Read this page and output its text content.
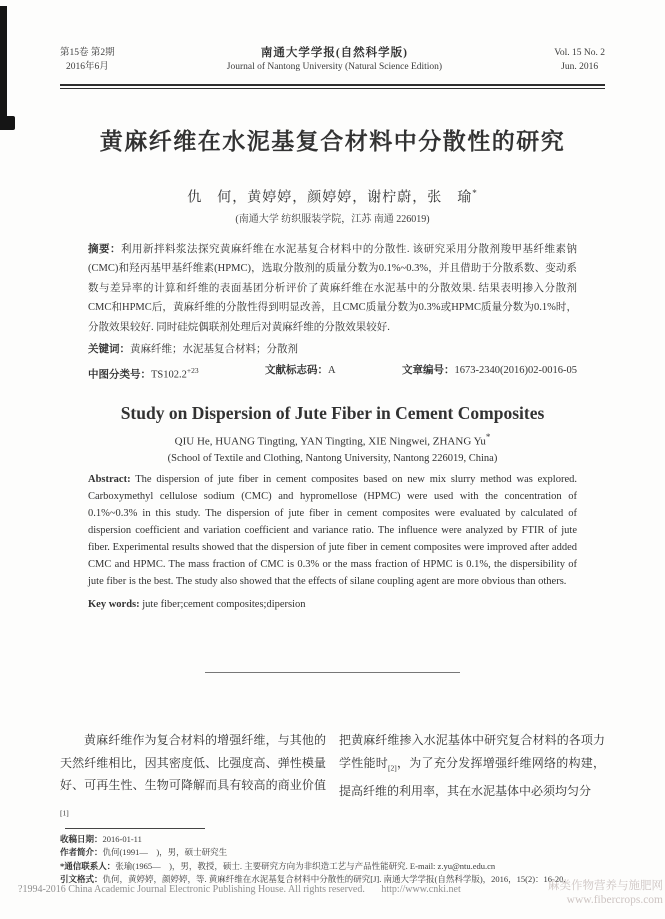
第15卷 第2期
2016年6月
南通大学学报(自然科学版)
Journal of Nantong University (Natural Science Edition)
Vol. 15 No. 2
Jun. 2016
黄麻纤维在水泥基复合材料中分散性的研究
仇　何，黄婷婷，颜婷婷，谢柠蔚，张　瑜*
(南通大学 纺织服装学院，江苏 南通 226019)

摘要：利用新拌料浆法探究黄麻纤维在水泥基复合材料中的分散性. 该研究采用分散剂羧甲基纤维素钠(CMC)和羟丙基甲基纤维素(HPMC)，选取分散剂的质量分数为0.1%~0.3%，并且借助于分散系数、变动系数与差异率的计算和纤维的表面基团分析评价了黄麻纤维在水泥基中的分散效果. 结果表明掺入分散剂CMC和HPMC后，黄麻纤维的分散性得到明显改善，且CMC质量分数为0.3%或HPMC质量分数为0.1%时，分散效果较好. 同时硅烷偶联剂处理后对黄麻纤维的分散效果较好.

关键词：黄麻纤维；水泥基复合材料；分散剂

中图分类号：$TS102.2^{+23}$	文献标志码：A	文章编号：1673-2340(2016)02-0016-05
Study on Dispersion of Jute Fiber in Cement Composites
QIU He, HUANG Tingting, YAN Tingting, XIE Ningwei, ZHANG Yu*
(School of Textile and Clothing, Nantong University, Nantong 226019, China)

Abstract: The dispersion of jute fiber in cement composites based on new mix slurry method was explored. Carboxymethyl cellulose sodium (CMC) and hypromellose (HPMC) were used with the concentration of 0.1%~0.3% in this study. The dispersion of jute fiber in cement composites were evaluated by calculated of dispersion coefficient and variation coefficient and variance ratio. The influence were analyzed by FTIR of jute fiber. Experimental results showed that the dispersion of jute fiber in cement composites were improved after added CMC and HPMC. The mass fraction of CMC is 0.3% or the mass fraction of HPMC is 0.1%, the dispersibility of jute fiber is the best. The study also showed that the effects of silane coupling agent are more obvious than others.

Key words: jute fiber;cement composites;dipersion

黄麻纤维作为复合材料的增强纤维，与其他的天然纤维相比，因其密度低、比强度高、弹性模量好、可再生性、生物可降解而具有较高的商业价值$_{[1]}$

把黄麻纤维掺入水泥基体中研究复合材料的各项力学性能时$_{[2]}$，为了充分发挥增强纤维网络的构建，提高纤维的利用率，其在水泥基体中必须均匀分

收稿日期：2016-01-11
作者简介：仇何(1991—　)，男，硕士研究生
*通信联系人：张瑜(1965—　)，男，教授，硕士. 主要研究方向为非织造工艺与产品性能研究. E-mail: z.yu@ntu.edu.cn
引文格式：仇何，黄婷婷，颜婷婷，等. 黄麻纤维在水泥基复合材料中分散性的研究[J]. 南通大学学报(自然科学版)，2016，15(2)：16-20.
?1994-2016 China Academic Journal Electronic Publishing House. All rights reserved. http://www.cnki.net	麻类作物营养与施肥网
www.fibercrops.com
